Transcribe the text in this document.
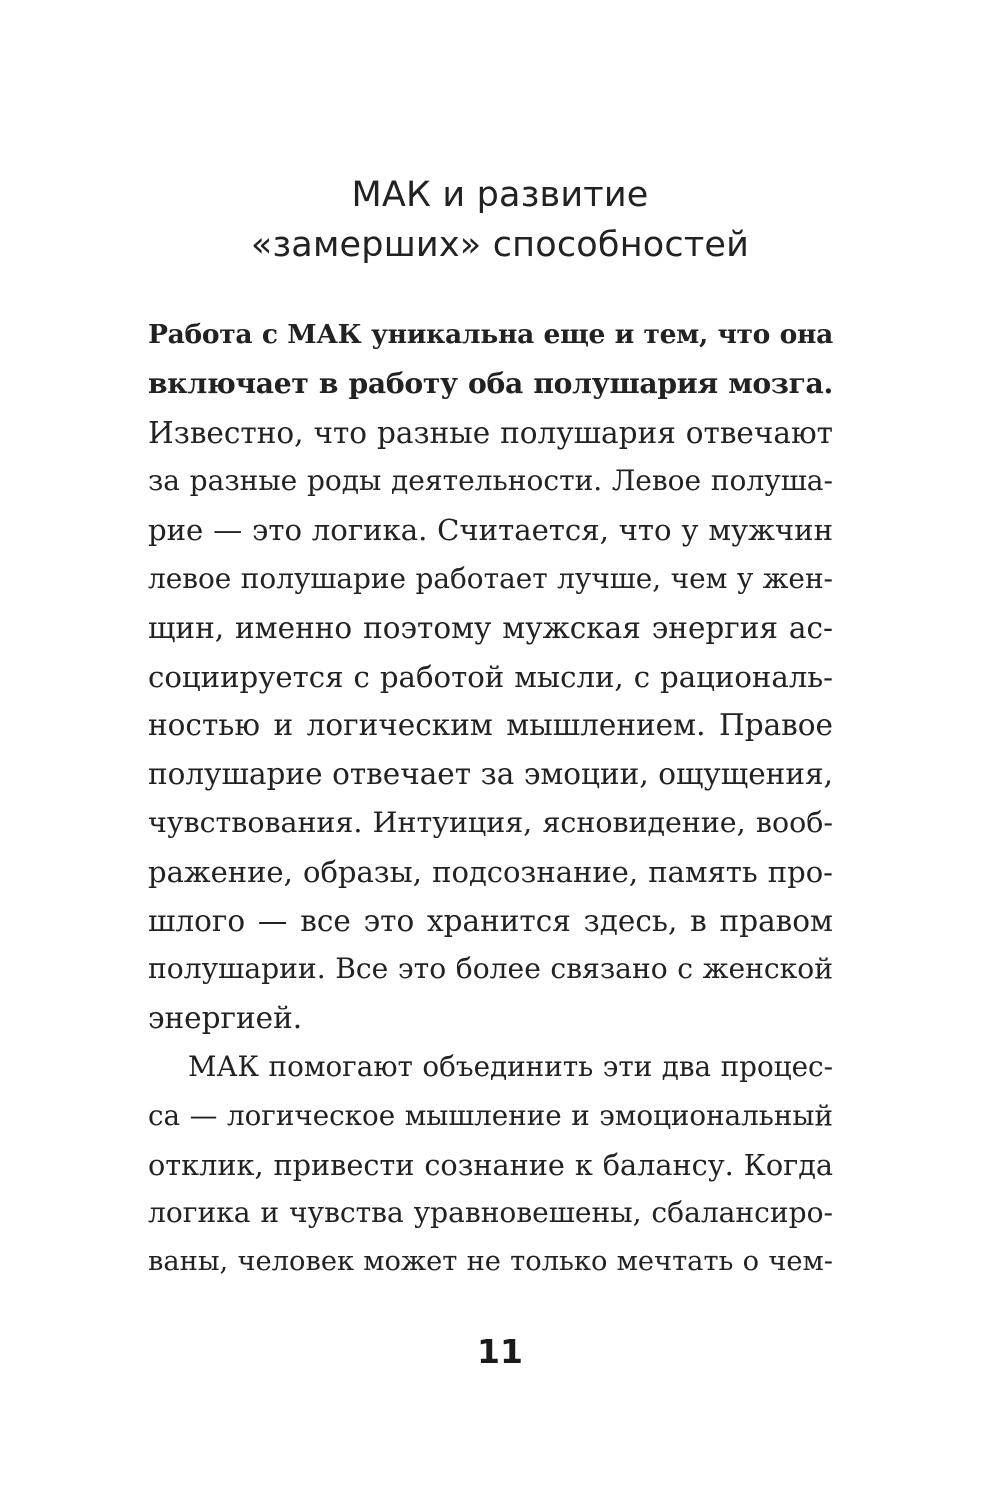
МАК и развитие
«замерших» способностей
Работа с МАК уникальна еще и тем, что она
включает в работу оба полушария мозга.
Известно, что разные полушария отвечают
за разные роды деятельности. Левое полуша-
рие — это логика. Считается, что у мужчин
левое полушарие работает лучше, чем у жен-
щин, именно поэтому мужская энергия ас-
социируется с работой мысли, с рациональ-
ностью и логическим мышлением. Правое
полушарие отвечает за эмоции, ощущения,
чувствования. Интуиция, ясновидение, вооб-
ражение, образы, подсознание, память про-
шлого — все это хранится здесь, в правом
полушарии. Все это более связано с женской
энергией.
МАК помогают объединить эти два процес-
са — логическое мышление и эмоциональный
отклик, привести сознание к балансу. Когда
логика и чувства уравновешены, сбалансиро-
ваны, человек может не только мечтать о чем-
11
